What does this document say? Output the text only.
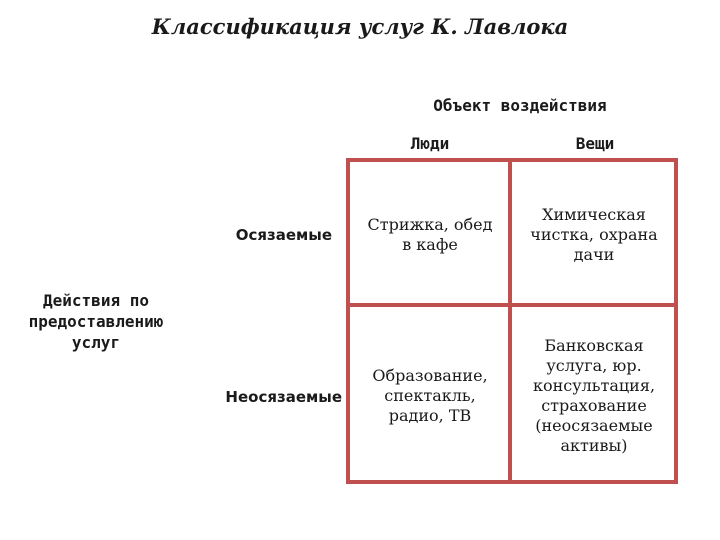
Классификация услуг К. Лавлока
Объект воздействия
Люди	Вещи
Действия по
предоставлению
услуг
Осязаемые
Неосязаемые
Стрижка, обед
в кафе
Химическая
чистка, охрана
дачи
Образование,
спектакль,
радио, ТВ
Банковская
услуга, юр.
консультация,
страхование
(неосязаемые
активы)
